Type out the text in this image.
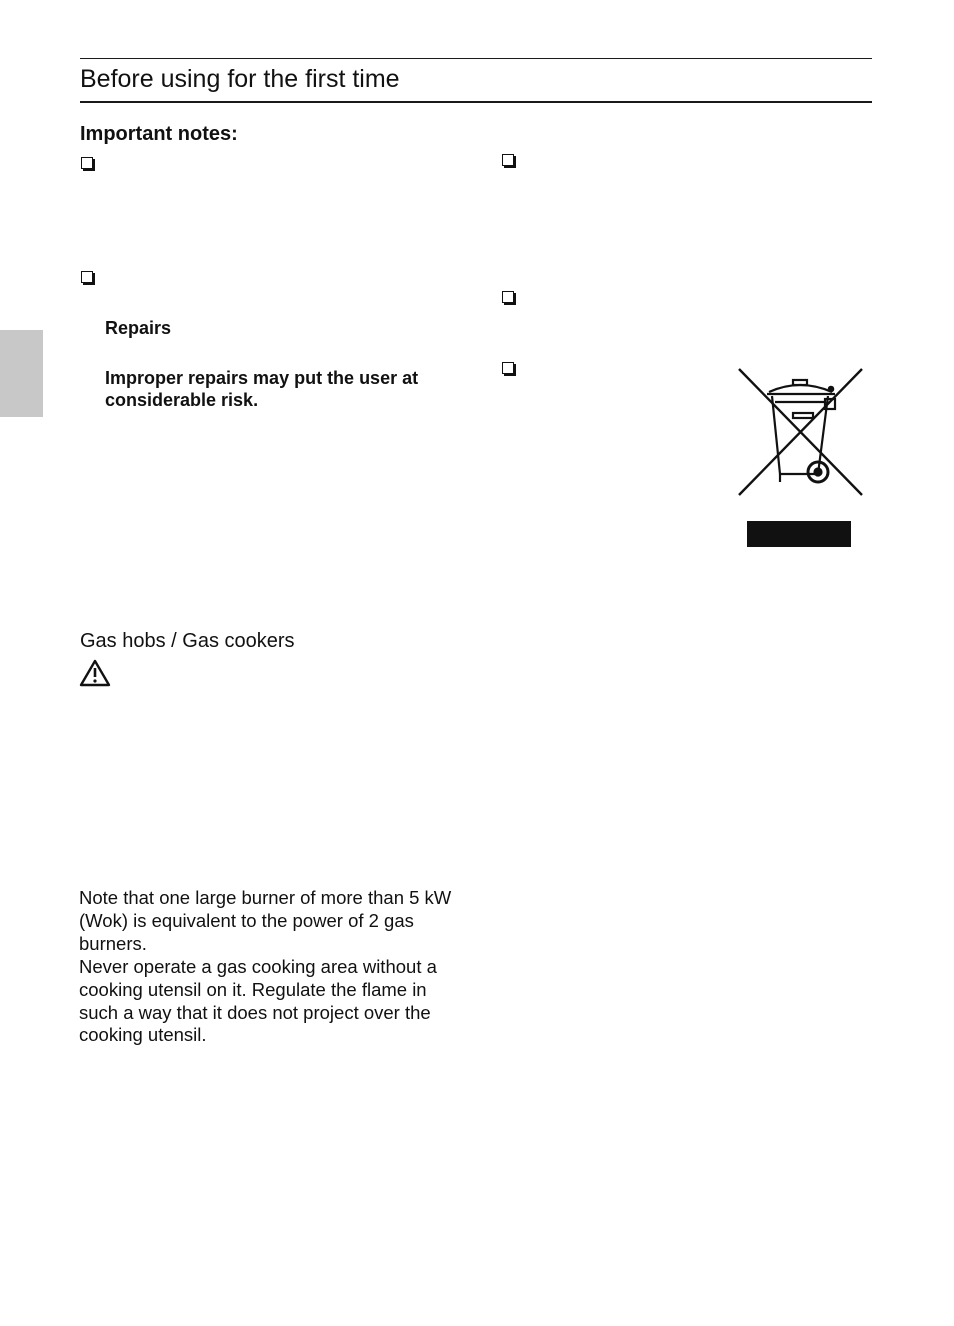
Before using for the first time
Important notes:
Repairs
Improper repairs may put the user at considerable risk.
Gas hobs / Gas cookers
Note that one large burner of more than 5 kW (Wok) is equivalent to the power of 2 gas burners.
Never operate a gas cooking area without a cooking utensil on it. Regulate the flame in such a way that it does not project over the cooking utensil.
